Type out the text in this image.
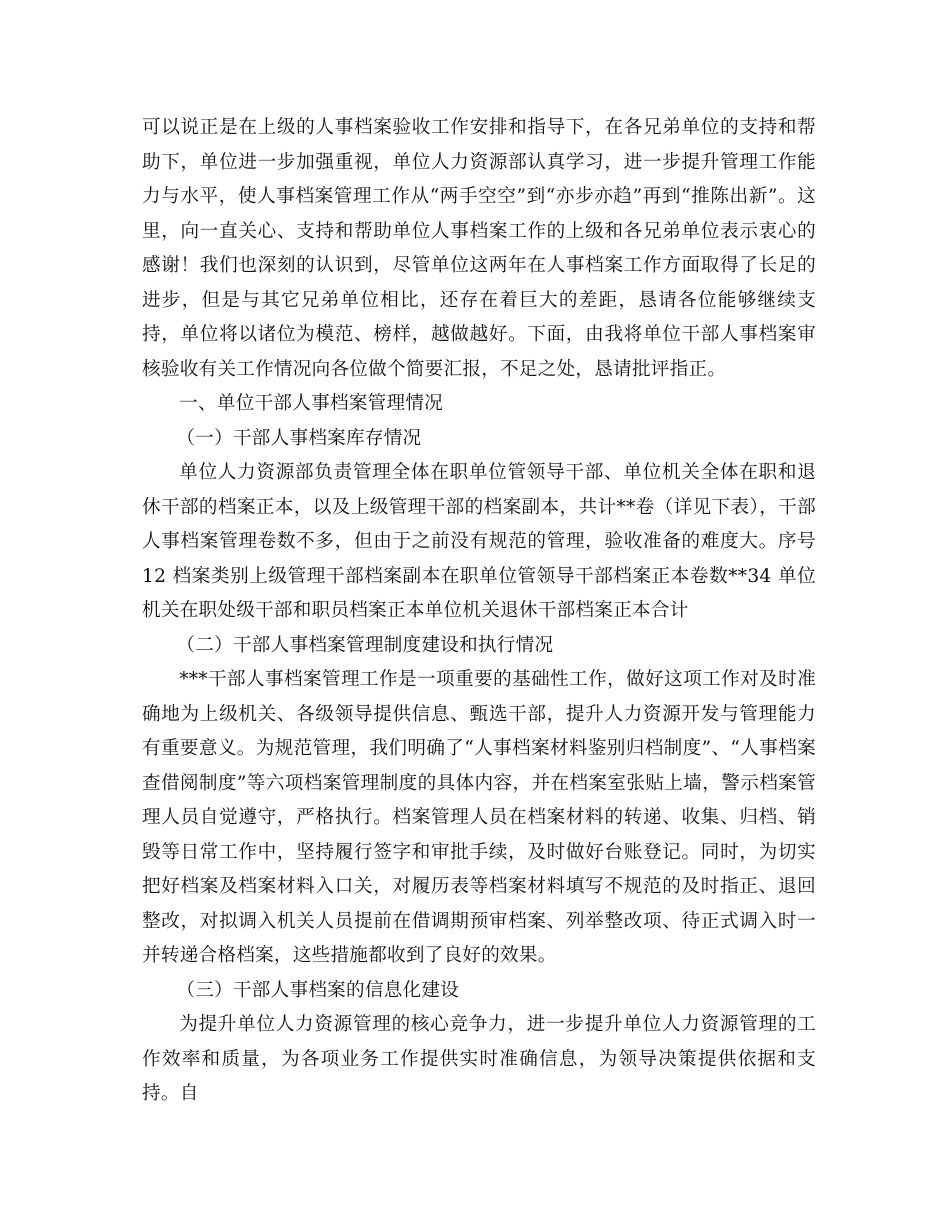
可以说正是在上级的人事档案验收工作安排和指导下，在各兄弟单位的支持和帮助下，单位进一步加强重视，单位人力资源部认真学习，进一步提升管理工作能力与水平，使人事档案管理工作从“两手空空”到“亦步亦趋”再到“推陈出新”。这里，向一直关心、支持和帮助单位人事档案工作的上级和各兄弟单位表示衷心的感谢！我们也深刻的认识到，尽管单位这两年在人事档案工作方面取得了长足的进步，但是与其它兄弟单位相比，还存在着巨大的差距，恳请各位能够继续支持，单位将以诸位为模范、榜样，越做越好。下面，由我将单位干部人事档案审核验收有关工作情况向各位做个简要汇报，不足之处，恳请批评指正。

一、单位干部人事档案管理情况

（一）干部人事档案库存情况

单位人力资源部负责管理全体在职单位管领导干部、单位机关全体在职和退休干部的档案正本，以及上级管理干部的档案副本，共计**卷（详见下表），干部人事档案管理卷数不多，但由于之前没有规范的管理，验收准备的难度大。序号 12 档案类别上级管理干部档案副本在职单位管领导干部档案正本卷数**34 单位机关在职处级干部和职员档案正本单位机关退休干部档案正本合计

（二）干部人事档案管理制度建设和执行情况

***干部人事档案管理工作是一项重要的基础性工作，做好这项工作对及时准确地为上级机关、各级领导提供信息、甄选干部，提升人力资源开发与管理能力有重要意义。为规范管理，我们明确了“人事档案材料鉴别归档制度”、“人事档案查借阅制度”等六项档案管理制度的具体内容，并在档案室张贴上墙，警示档案管理人员自觉遵守，严格执行。档案管理人员在档案材料的转递、收集、归档、销毁等日常工作中，坚持履行签字和审批手续，及时做好台账登记。同时，为切实把好档案及档案材料入口关，对履历表等档案材料填写不规范的及时指正、退回整改，对拟调入机关人员提前在借调期预审档案、列举整改项、待正式调入时一并转递合格档案，这些措施都收到了良好的效果。

（三）干部人事档案的信息化建设

为提升单位人力资源管理的核心竞争力，进一步提升单位人力资源管理的工作效率和质量，为各项业务工作提供实时准确信息，为领导决策提供依据和支持。自
